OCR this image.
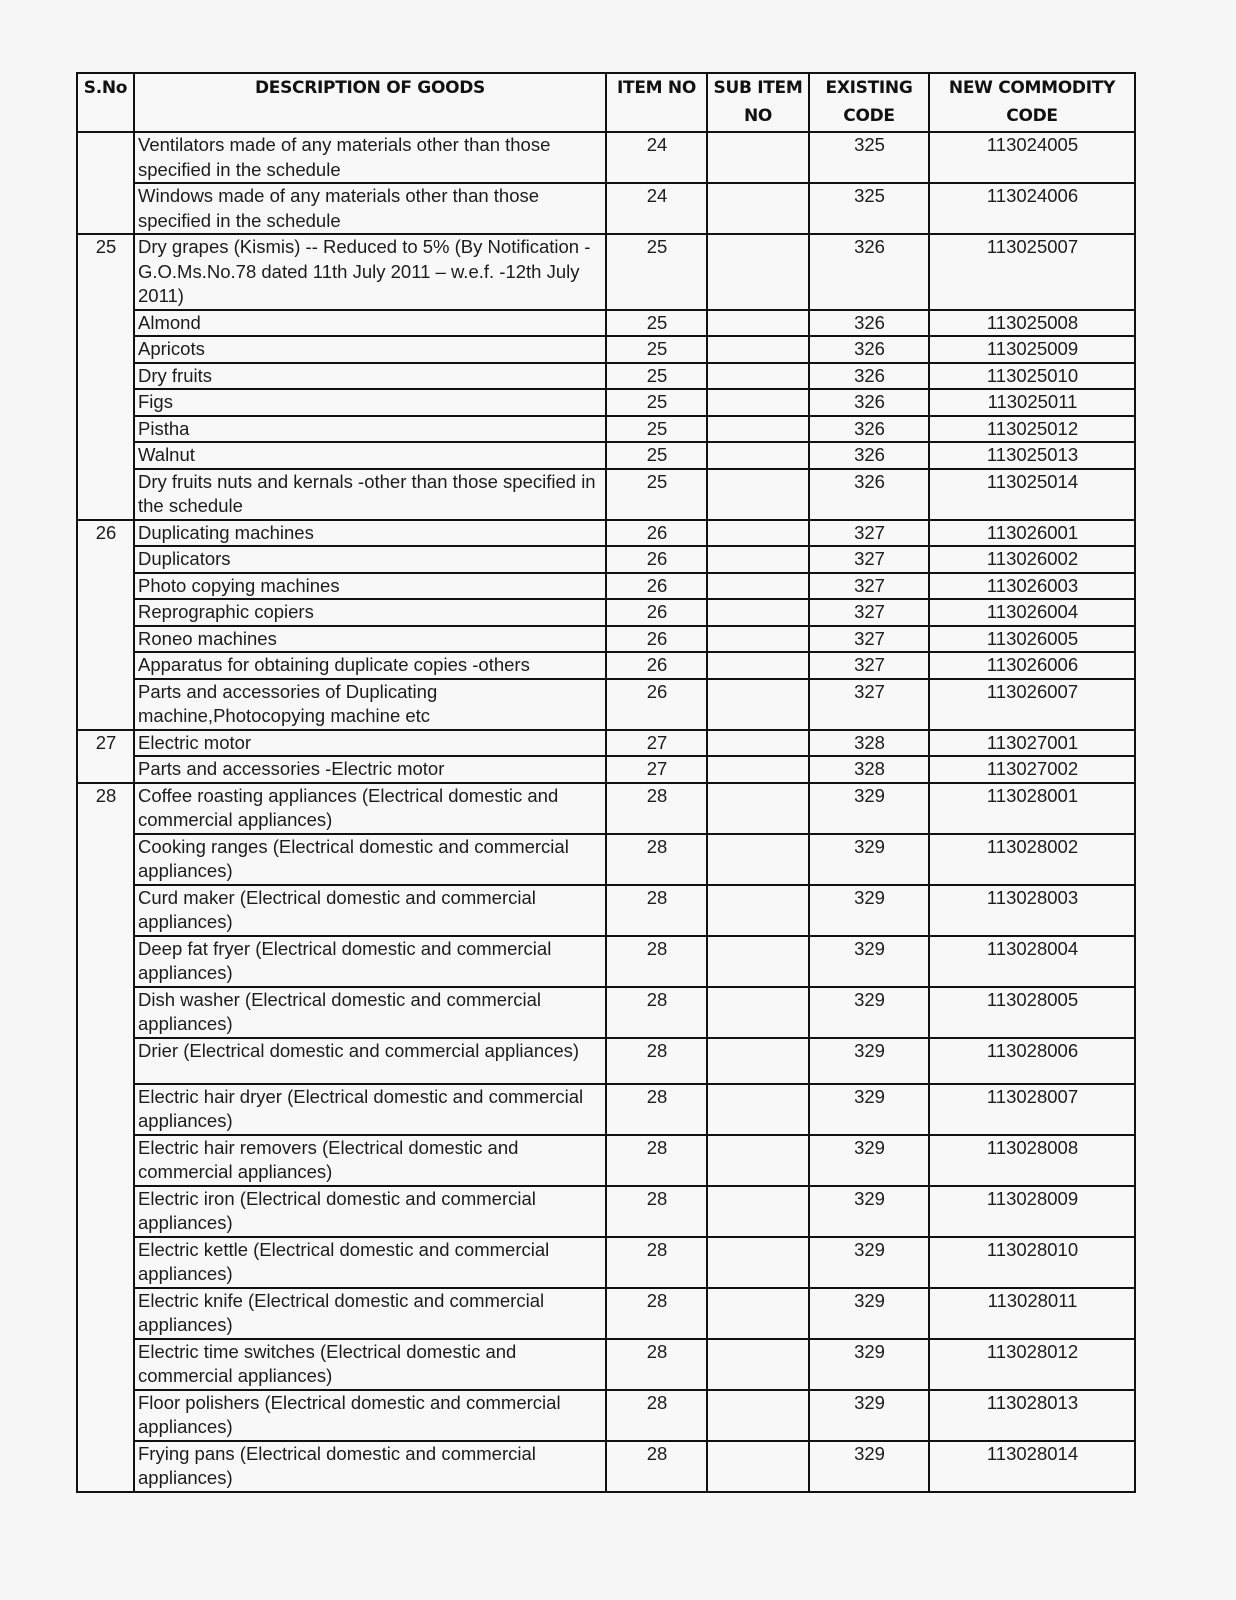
S.No	DESCRIPTION OF GOODS	ITEM NO	SUB ITEM NO	EXISTING CODE	NEW COMMODITY CODE
	Ventilators made of any materials other than those specified in the schedule	24		325	113024005
	Windows made of any materials other than those specified in the schedule	24		325	113024006
25	Dry grapes (Kismis) -- Reduced to 5% (By Notification -G.O.Ms.No.78 dated 11th July 2011 – w.e.f. -12th July 2011)	25		326	113025007
	Almond	25		326	113025008
	Apricots	25		326	113025009
	Dry fruits	25		326	113025010
	Figs	25		326	113025011
	Pistha	25		326	113025012
	Walnut	25		326	113025013
	Dry fruits nuts and kernals -other than those specified in the schedule	25		326	113025014
26	Duplicating machines	26		327	113026001
	Duplicators	26		327	113026002
	Photo copying machines	26		327	113026003
	Reprographic copiers	26		327	113026004
	Roneo machines	26		327	113026005
	Apparatus for obtaining duplicate copies -others	26		327	113026006
	Parts and accessories of Duplicating machine,Photocopying machine etc	26		327	113026007
27	Electric motor	27		328	113027001
	Parts and accessories -Electric motor	27		328	113027002
28	Coffee roasting appliances (Electrical domestic and commercial appliances)	28		329	113028001
	Cooking ranges (Electrical domestic and commercial appliances)	28		329	113028002
	Curd maker (Electrical domestic and commercial appliances)	28		329	113028003
	Deep fat fryer (Electrical domestic and commercial appliances)	28		329	113028004
	Dish washer (Electrical domestic and commercial appliances)	28		329	113028005
	Drier (Electrical domestic and commercial appliances)	28		329	113028006
	Electric hair dryer (Electrical domestic and commercial appliances)	28		329	113028007
	Electric hair removers (Electrical domestic and commercial appliances)	28		329	113028008
	Electric iron (Electrical domestic and commercial appliances)	28		329	113028009
	Electric kettle (Electrical domestic and commercial appliances)	28		329	113028010
	Electric knife (Electrical domestic and commercial appliances)	28		329	113028011
	Electric time switches (Electrical domestic and commercial appliances)	28		329	113028012
	Floor polishers (Electrical domestic and commercial appliances)	28		329	113028013
	Frying pans (Electrical domestic and commercial appliances)	28		329	113028014
